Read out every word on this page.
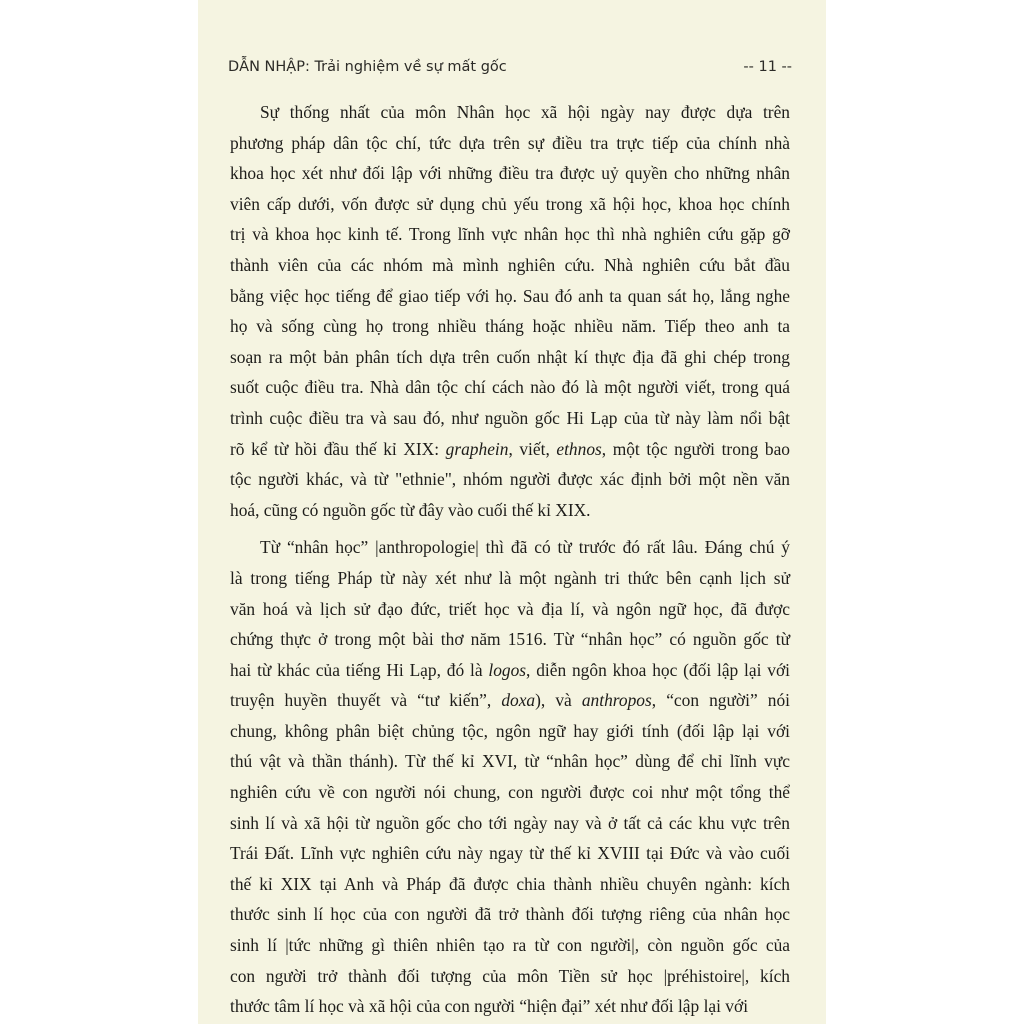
DẪN NHẬP: Trải nghiệm về sự mất gốc	-- 11 --
Sự thống nhất của môn Nhân học xã hội ngày nay được dựa trên
phương pháp dân tộc chí, tức dựa trên sự điều tra trực tiếp của chính nhà
khoa học xét như đối lập với những điều tra được uỷ quyền cho những nhân
viên cấp dưới, vốn được sử dụng chủ yếu trong xã hội học, khoa học chính
trị và khoa học kinh tế. Trong lĩnh vực nhân học thì nhà nghiên cứu gặp gỡ
thành viên của các nhóm mà mình nghiên cứu. Nhà nghiên cứu bắt đầu
bằng việc học tiếng để giao tiếp với họ. Sau đó anh ta quan sát họ, lắng nghe
họ và sống cùng họ trong nhiều tháng hoặc nhiều năm. Tiếp theo anh ta
soạn ra một bản phân tích dựa trên cuốn nhật kí thực địa đã ghi chép trong
suốt cuộc điều tra. Nhà dân tộc chí cách nào đó là một người viết, trong quá
trình cuộc điều tra và sau đó, như nguồn gốc Hi Lạp của từ này làm nổi bật
rõ kể từ hồi đầu thế kỉ XIX: graphein, viết, ethnos, một tộc người trong bao
tộc người khác, và từ "ethnie", nhóm người được xác định bởi một nền văn
hoá, cũng có nguồn gốc từ đây vào cuối thế kỉ XIX.
Từ “nhân học” |anthropologie| thì đã có từ trước đó rất lâu. Đáng chú ý
là trong tiếng Pháp từ này xét như là một ngành tri thức bên cạnh lịch sử
văn hoá và lịch sử đạo đức, triết học và địa lí, và ngôn ngữ học, đã được
chứng thực ở trong một bài thơ năm 1516. Từ “nhân học” có nguồn gốc từ
hai từ khác của tiếng Hi Lạp, đó là logos, diễn ngôn khoa học (đối lập lại với
truyện huyền thuyết và “tư kiến”, doxa), và anthropos, “con người” nói
chung, không phân biệt chủng tộc, ngôn ngữ hay giới tính (đối lập lại với
thú vật và thần thánh). Từ thế kỉ XVI, từ “nhân học” dùng để chỉ lĩnh vực
nghiên cứu về con người nói chung, con người được coi như một tổng thể
sinh lí và xã hội từ nguồn gốc cho tới ngày nay và ở tất cả các khu vực trên
Trái Đất. Lĩnh vực nghiên cứu này ngay từ thế kỉ XVIII tại Đức và vào cuối
thế kỉ XIX tại Anh và Pháp đã được chia thành nhiều chuyên ngành: kích
thước sinh lí học của con người đã trở thành đối tượng riêng của nhân học
sinh lí |tức những gì thiên nhiên tạo ra từ con người|, còn nguồn gốc của
con người trở thành đối tượng của môn Tiền sử học |préhistoire|, kích
thước tâm lí học và xã hội của con người “hiện đại” xét như đối lập lại với
